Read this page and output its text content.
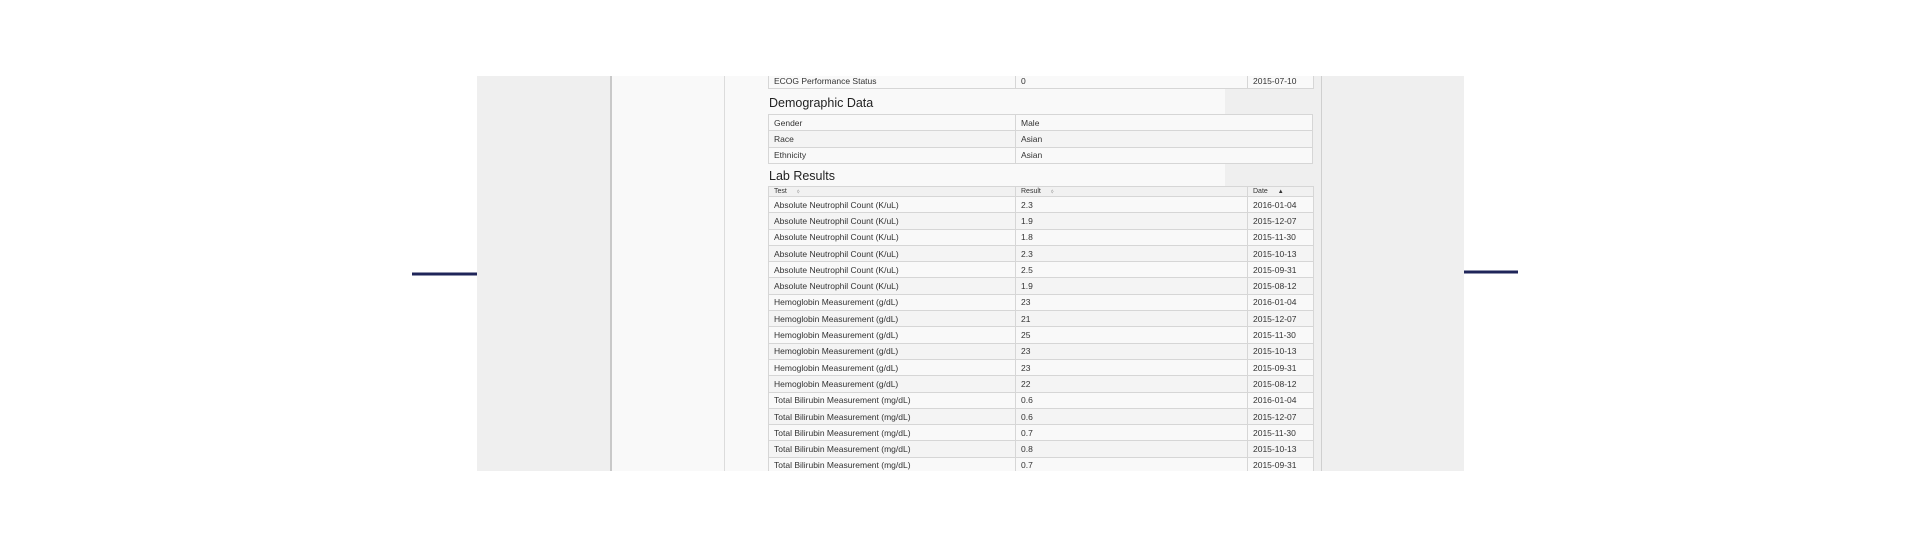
ECOG Performance Status	0	2015-07-10
Demographic Data
Gender	Male
Race	Asian
Ethnicity	Asian
Lab Results
Test ⬨	Result ⬨	Date ▲
Absolute Neutrophil Count (K/uL)	2.3	2016-01-04
Absolute Neutrophil Count (K/uL)	1.9	2015-12-07
Absolute Neutrophil Count (K/uL)	1.8	2015-11-30
Absolute Neutrophil Count (K/uL)	2.3	2015-10-13
Absolute Neutrophil Count (K/uL)	2.5	2015-09-31
Absolute Neutrophil Count (K/uL)	1.9	2015-08-12
Hemoglobin Measurement (g/dL)	23	2016-01-04
Hemoglobin Measurement (g/dL)	21	2015-12-07
Hemoglobin Measurement (g/dL)	25	2015-11-30
Hemoglobin Measurement (g/dL)	23	2015-10-13
Hemoglobin Measurement (g/dL)	23	2015-09-31
Hemoglobin Measurement (g/dL)	22	2015-08-12
Total Bilirubin Measurement (mg/dL)	0.6	2016-01-04
Total Bilirubin Measurement (mg/dL)	0.6	2015-12-07
Total Bilirubin Measurement (mg/dL)	0.7	2015-11-30
Total Bilirubin Measurement (mg/dL)	0.8	2015-10-13
Total Bilirubin Measurement (mg/dL)	0.7	2015-09-31
